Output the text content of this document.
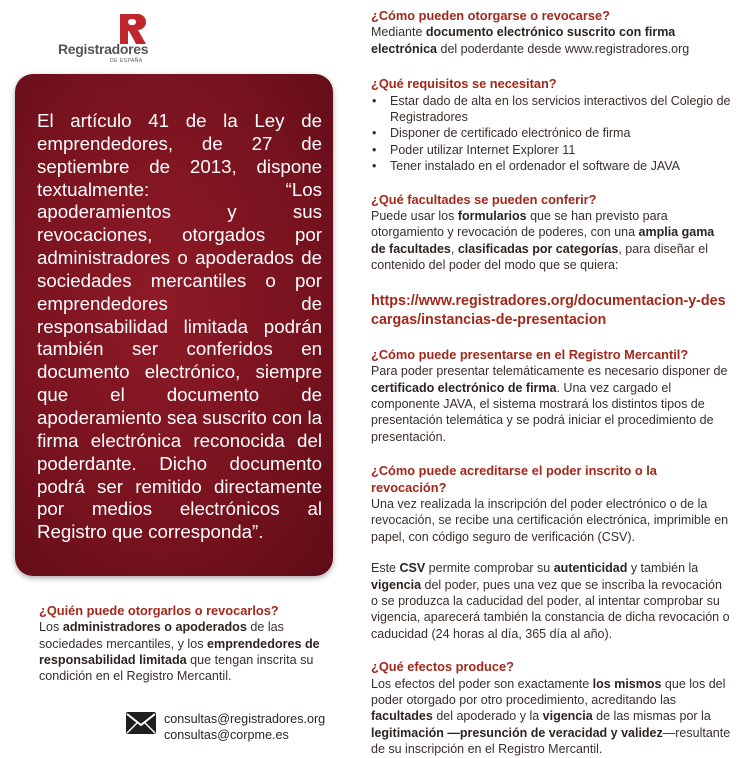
Registradores
DE ESPAÑA

El artículo 41 de la Ley de emprendedores, de 27 de septiembre de 2013, dispone textualmente: “Los apoderamientos y sus revocaciones, otorgados por administradores o apoderados de sociedades mercantiles o por emprendedores de responsabilidad limitada podrán también ser conferidos en documento electrónico, siempre que el documento de apoderamiento sea suscrito con la firma electrónica reconocida del poderdante. Dicho documento podrá ser remitido directamente por medios electrónicos al Registro que corresponda”.

¿Quién puede otorgarlos o revocarlos?

Los administradores o apoderados de las sociedades mercantiles, y los emprendedores de responsabilidad limitada que tengan inscrita su condición en el Registro Mercantil.

consultas@registradores.org
consultas@corpme.es

¿Cómo pueden otorgarse o revocarse?

Mediante documento electrónico suscrito con firma electrónica del poderdante desde www.registradores.org

¿Qué requisitos se necesitan?

• Estar dado de alta en los servicios interactivos del Colegio de Registradores
• Disponer de certificado electrónico de firma
• Poder utilizar Internet Explorer 11
• Tener instalado en el ordenador el software de JAVA

¿Qué facultades se pueden conferir?

Puede usar los formularios que se han previsto para otorgamiento y revocación de poderes, con una amplia gama de facultades, clasificadas por categorías, para diseñar el contenido del poder del modo que se quiera:

https://www.registradores.org/documentacion-y-descargas/instancias-de-presentacion

¿Cómo puede presentarse en el Registro Mercantil?

Para poder presentar telemáticamente es necesario disponer de certificado electrónico de firma. Una vez cargado el componente JAVA, el sistema mostrará los distintos tipos de presentación telemática y se podrá iniciar el procedimiento de presentación.

¿Cómo puede acreditarse el poder inscrito o la revocación?

Una vez realizada la inscripción del poder electrónico o de la revocación, se recibe una certificación electrónica, imprimible en papel, con código seguro de verificación (CSV).

Este CSV permite comprobar su autenticidad y también la vigencia del poder, pues una vez que se inscriba la revocación o se produzca la caducidad del poder, al intentar comprobar su vigencia, aparecerá también la constancia de dicha revocación o caducidad (24 horas al día, 365 día al año).

¿Qué efectos produce?

Los efectos del poder son exactamente los mismos que los del poder otorgado por otro procedimiento, acreditando las facultades del apoderado y la vigencia de las mismas por la legitimación —presunción de veracidad y validez—resultante de su inscripción en el Registro Mercantil.
